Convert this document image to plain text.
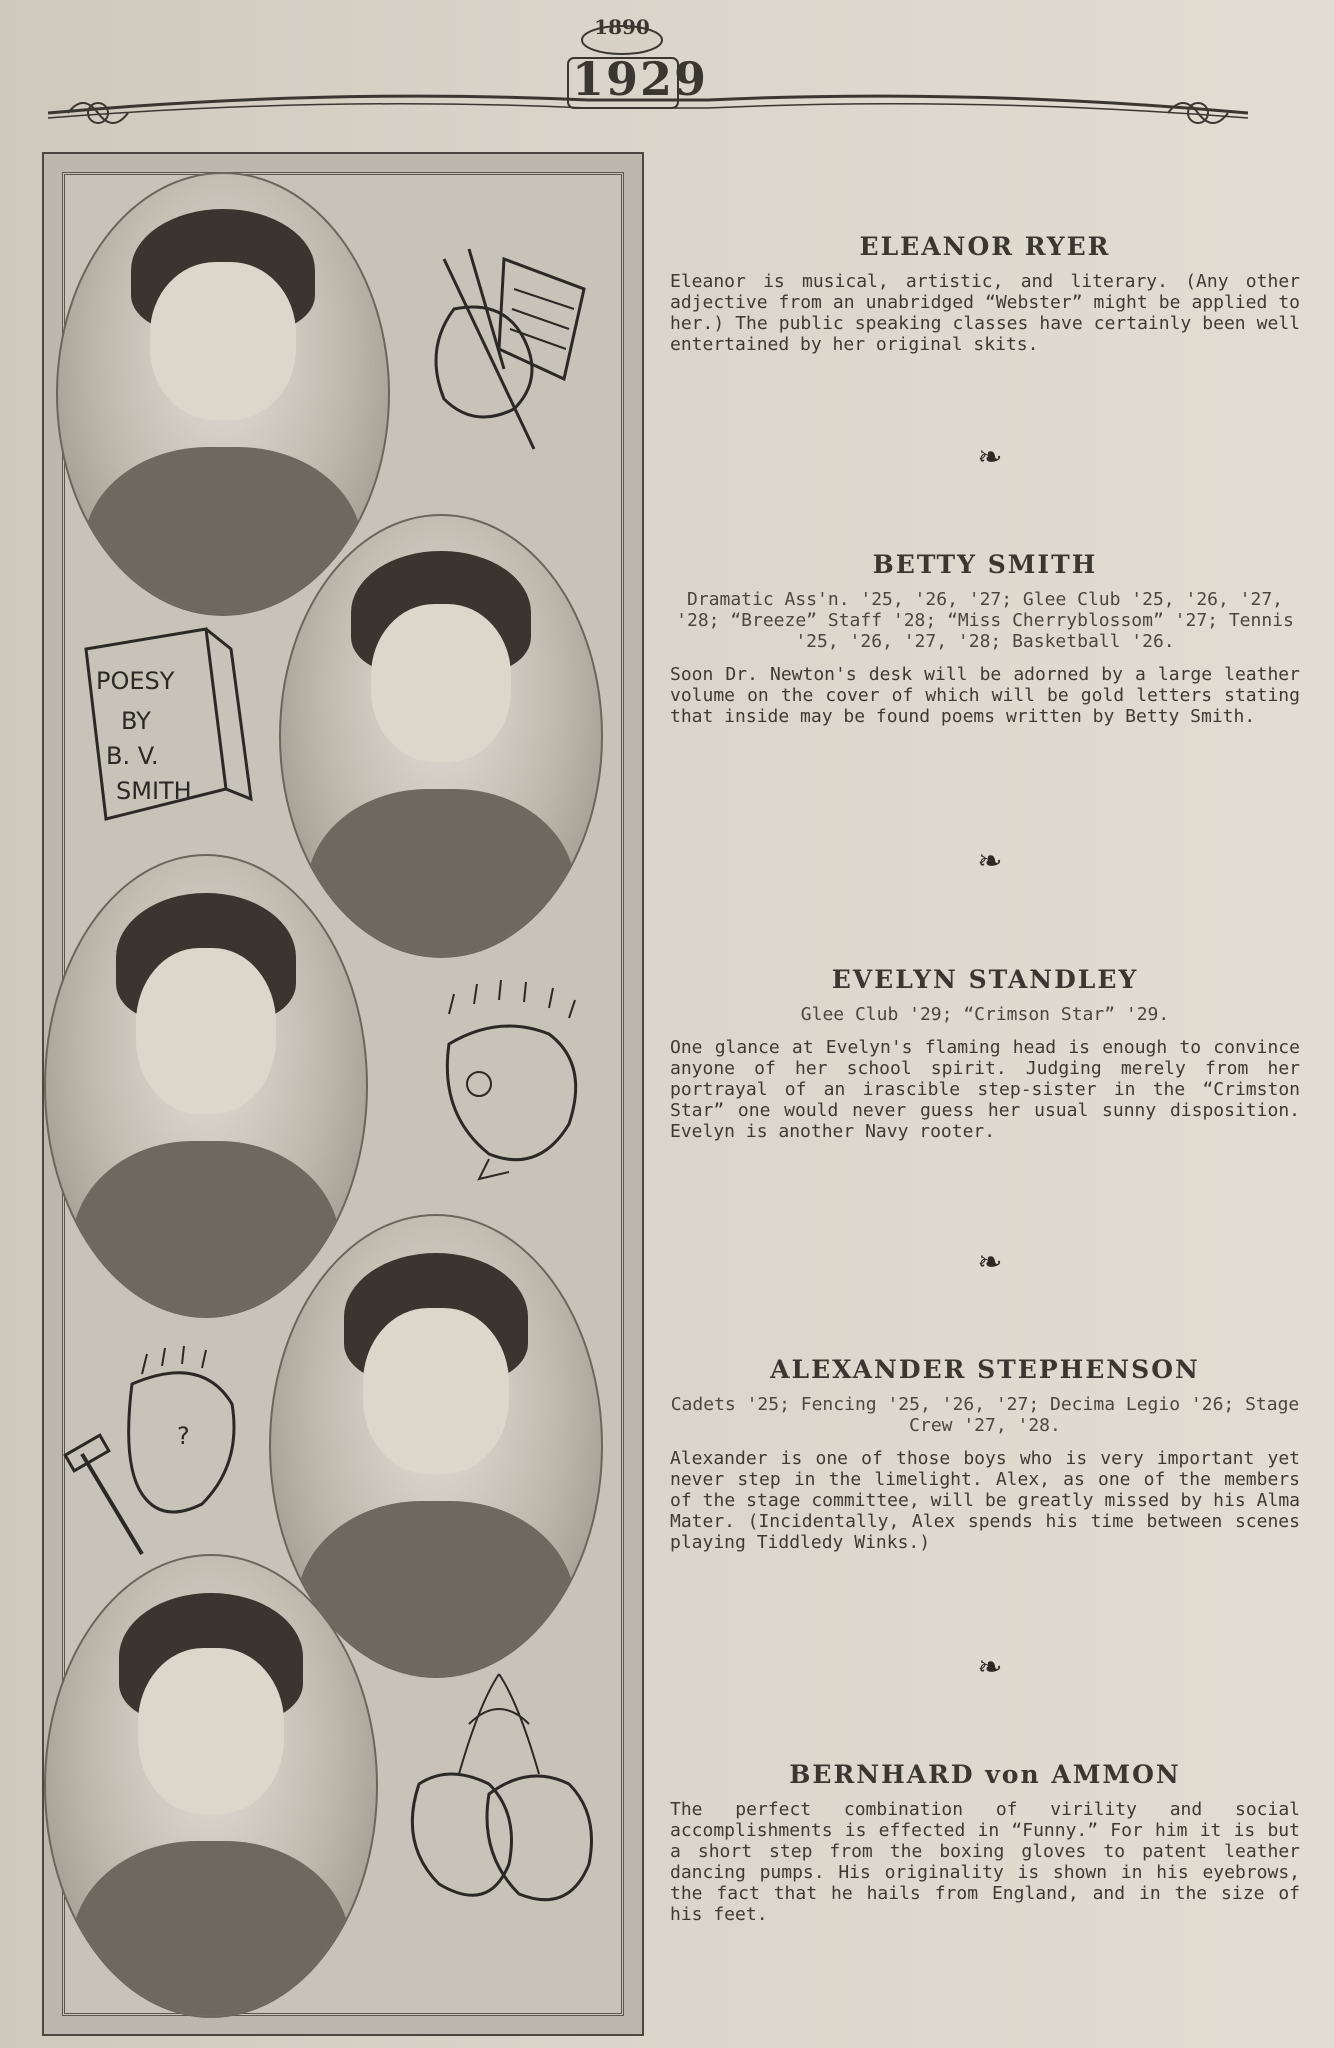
1890
1929
POESY
BY
B. V.
SMITH
?
ELEANOR RYER

Eleanor is musical, artistic, and literary. (Any other adjective from an unabridged “Webster” might be applied to her.) The public speaking classes have certainly been well entertained by her original skits.

❧
BETTY SMITH

Dramatic Ass'n. '25, '26, '27; Glee Club '25, '26, '27, '28; “Breeze” Staff '28; “Miss Cherryblossom” '27; Tennis '25, '26, '27, '28; Basketball '26.

Soon Dr. Newton's desk will be adorned by a large leather volume on the cover of which will be gold letters stating that inside may be found poems written by Betty Smith.

❧
EVELYN STANDLEY

Glee Club '29; “Crimson Star” '29.

One glance at Evelyn's flaming head is enough to convince anyone of her school spirit. Judging merely from her portrayal of an irascible step-sister in the “Crimston Star” one would never guess her usual sunny disposition. Evelyn is another Navy rooter.

❧
ALEXANDER STEPHENSON

Cadets '25; Fencing '25, '26, '27; Decima Legio '26; Stage Crew '27, '28.

Alexander is one of those boys who is very important yet never step in the limelight. Alex, as one of the members of the stage committee, will be greatly missed by his Alma Mater. (Incidentally, Alex spends his time between scenes playing Tiddledy Winks.)

❧
BERNHARD von AMMON

The perfect combination of virility and social accomplishments is effected in “Funny.” For him it is but a short step from the boxing gloves to patent leather dancing pumps. His originality is shown in his eyebrows, the fact that he hails from England, and in the size of his feet.
